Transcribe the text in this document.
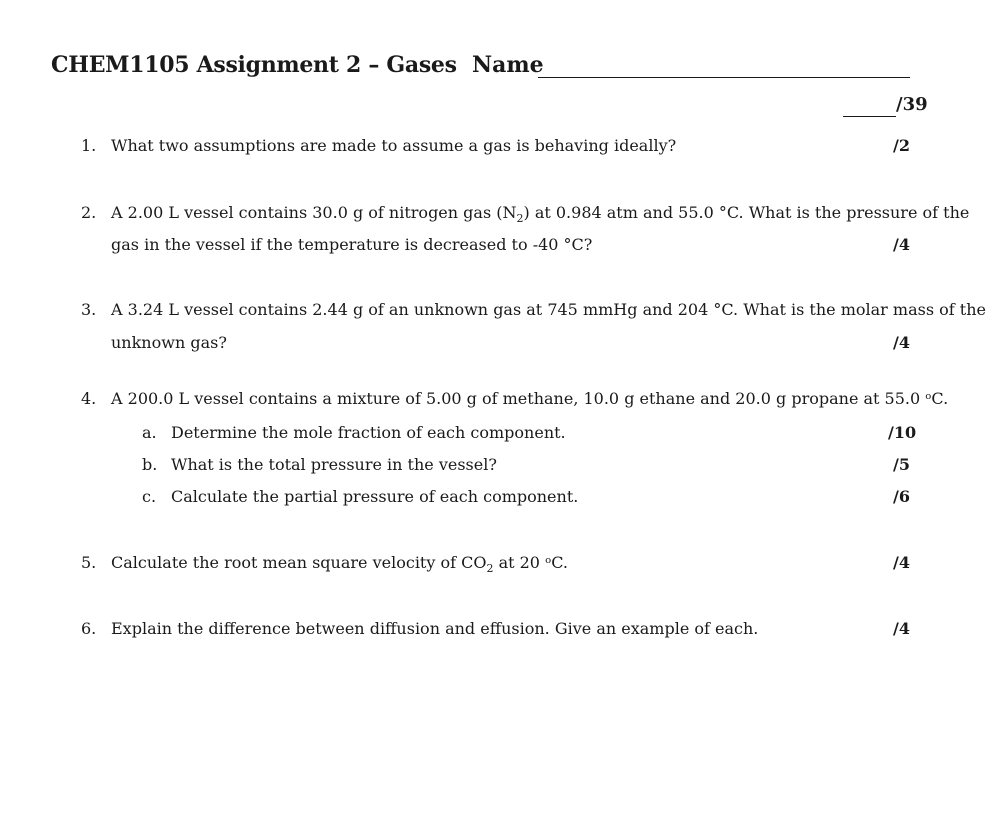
CHEM1105 Assignment 2 – Gases Name
/39
1. What two assumptions are made to assume a gas is behaving ideally?	/2
2. A 2.00 L vessel contains 30.0 g of nitrogen gas $(N_2)$ at 0.984 atm and 55.0 °C. What is the pressure of the
gas in the vessel if the temperature is decreased to -40 °C?	/4
3. A 3.24 L vessel contains 2.44 g of an unknown gas at 745 mmHg and 204 °C. What is the molar mass of the
unknown gas?	/4
4. A 200.0 L vessel contains a mixture of 5.00 g of methane, 10.0 g ethane and 20.0 g propane at 55.0 ᵒC.
a. Determine the mole fraction of each component.	/10
b. What is the total pressure in the vessel?	/5
c. Calculate the partial pressure of each component.	/6
5. Calculate the root mean square velocity of $CO_2$ at 20 ᵒC.	/4
6. Explain the difference between diffusion and effusion. Give an example of each.	/4
